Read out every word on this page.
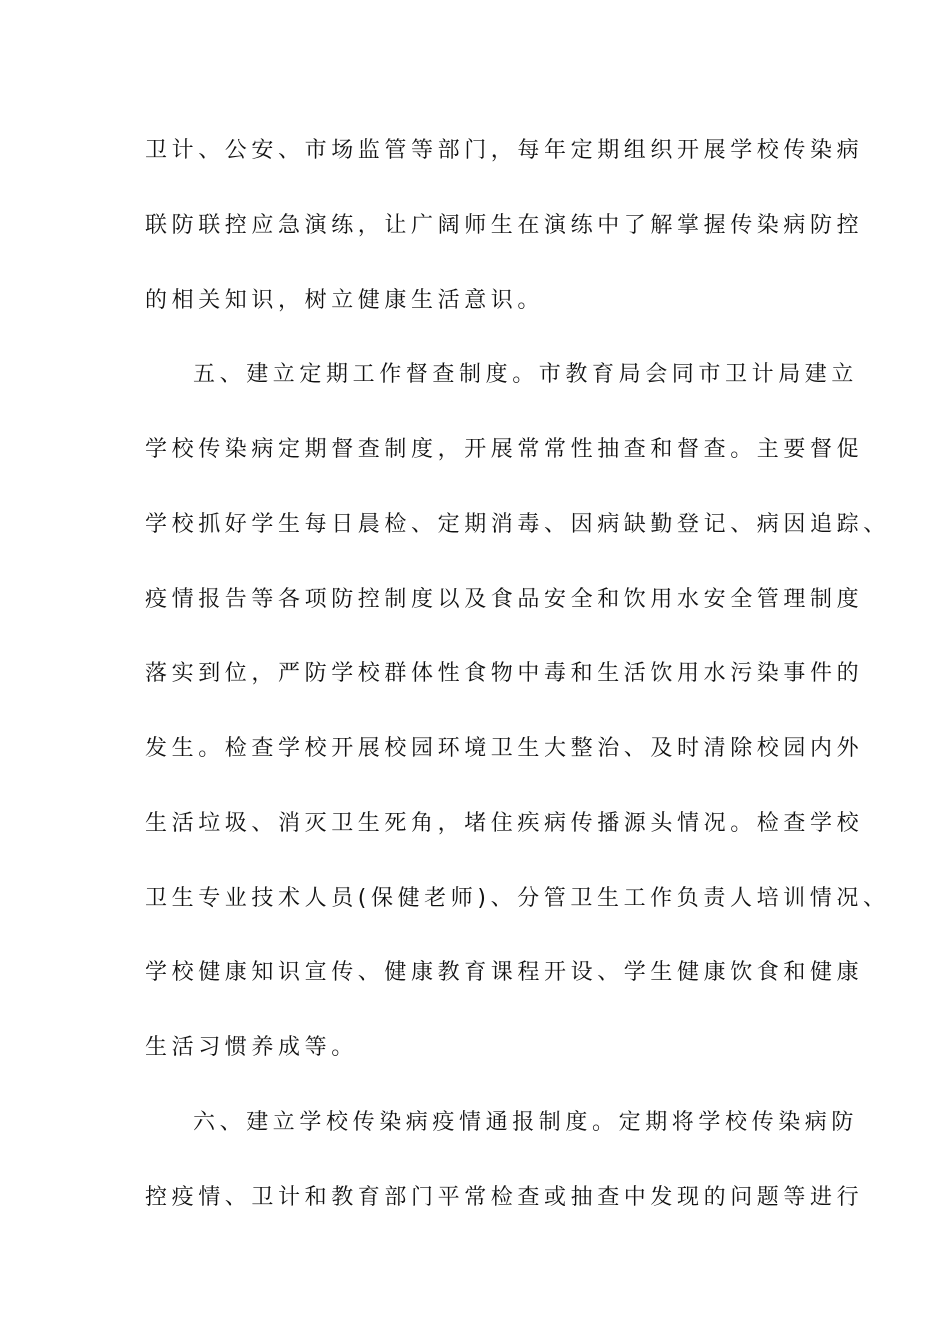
卫计、公安、市场监管等部门，每年定期组织开展学校传染病

联防联控应急演练，让广阔师生在演练中了解掌握传染病防控

的相关知识，树立健康生活意识。

五、建立定期工作督查制度。市教育局会同市卫计局建立

学校传染病定期督查制度，开展常常性抽查和督查。主要督促

学校抓好学生每日晨检、定期消毒、因病缺勤登记、病因追踪、

疫情报告等各项防控制度以及食品安全和饮用水安全管理制度

落实到位，严防学校群体性食物中毒和生活饮用水污染事件的

发生。检查学校开展校园环境卫生大整治、及时清除校园内外

生活垃圾、消灭卫生死角，堵住疾病传播源头情况。检查学校

卫生专业技术人员(保健老师)、分管卫生工作负责人培训情况、

学校健康知识宣传、健康教育课程开设、学生健康饮食和健康

生活习惯养成等。

六、建立学校传染病疫情通报制度。定期将学校传染病防

控疫情、卫计和教育部门平常检查或抽查中发现的问题等进行
